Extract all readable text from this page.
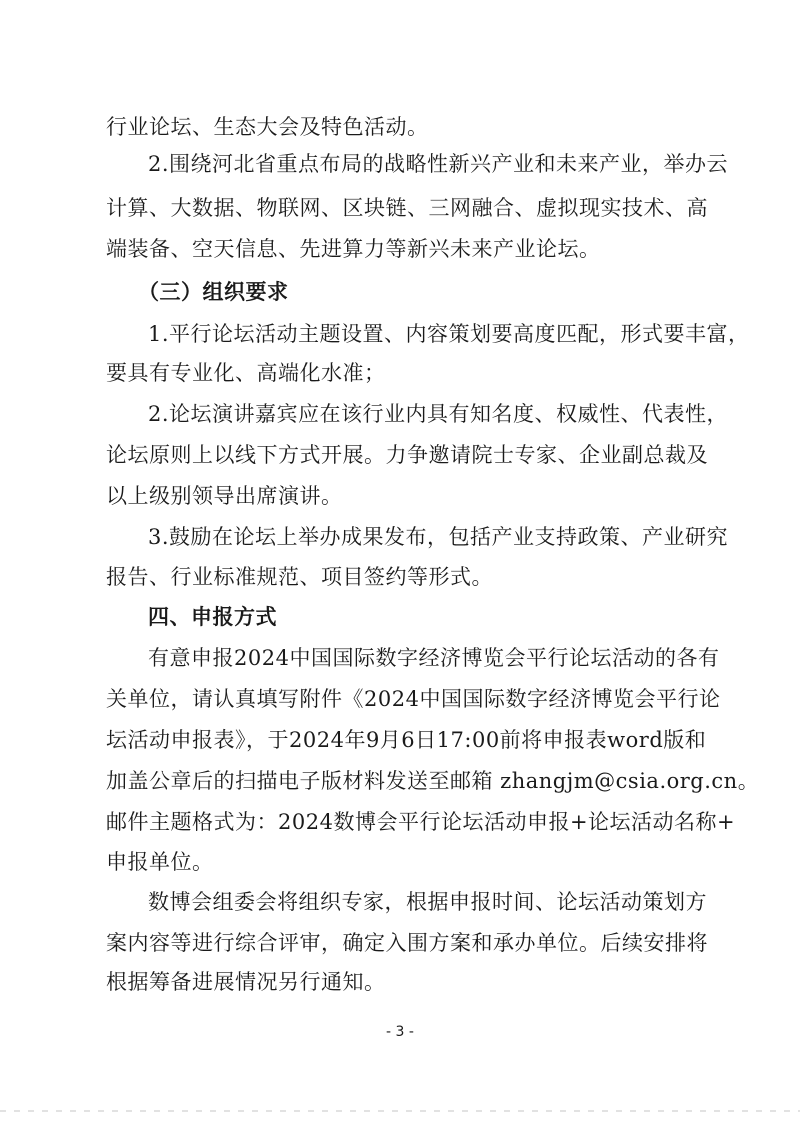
行业论坛、生态大会及特色活动。
2.围绕河北省重点布局的战略性新兴产业和未来产业，举办云
计算、大数据、物联网、区块链、三网融合、虚拟现实技术、高
端装备、空天信息、先进算力等新兴未来产业论坛。
（三）组织要求
1.平行论坛活动主题设置、内容策划要高度匹配，形式要丰富，
要具有专业化、高端化水准；
2.论坛演讲嘉宾应在该行业内具有知名度、权威性、代表性，
论坛原则上以线下方式开展。力争邀请院士专家、企业副总裁及
以上级别领导出席演讲。
3.鼓励在论坛上举办成果发布，包括产业支持政策、产业研究
报告、行业标准规范、项目签约等形式。
四、申报方式
有意申报2024中国国际数字经济博览会平行论坛活动的各有
关单位，请认真填写附件《2024中国国际数字经济博览会平行论
坛活动申报表》，于2024年9月6日17:00前将申报表word版和
加盖公章后的扫描电子版材料发送至邮箱 zhangjm@csia.org.cn。
邮件主题格式为：2024数博会平行论坛活动申报+论坛活动名称+
申报单位。
数博会组委会将组织专家，根据申报时间、论坛活动策划方
案内容等进行综合评审，确定入围方案和承办单位。后续安排将
根据筹备进展情况另行通知。
- 3 -
